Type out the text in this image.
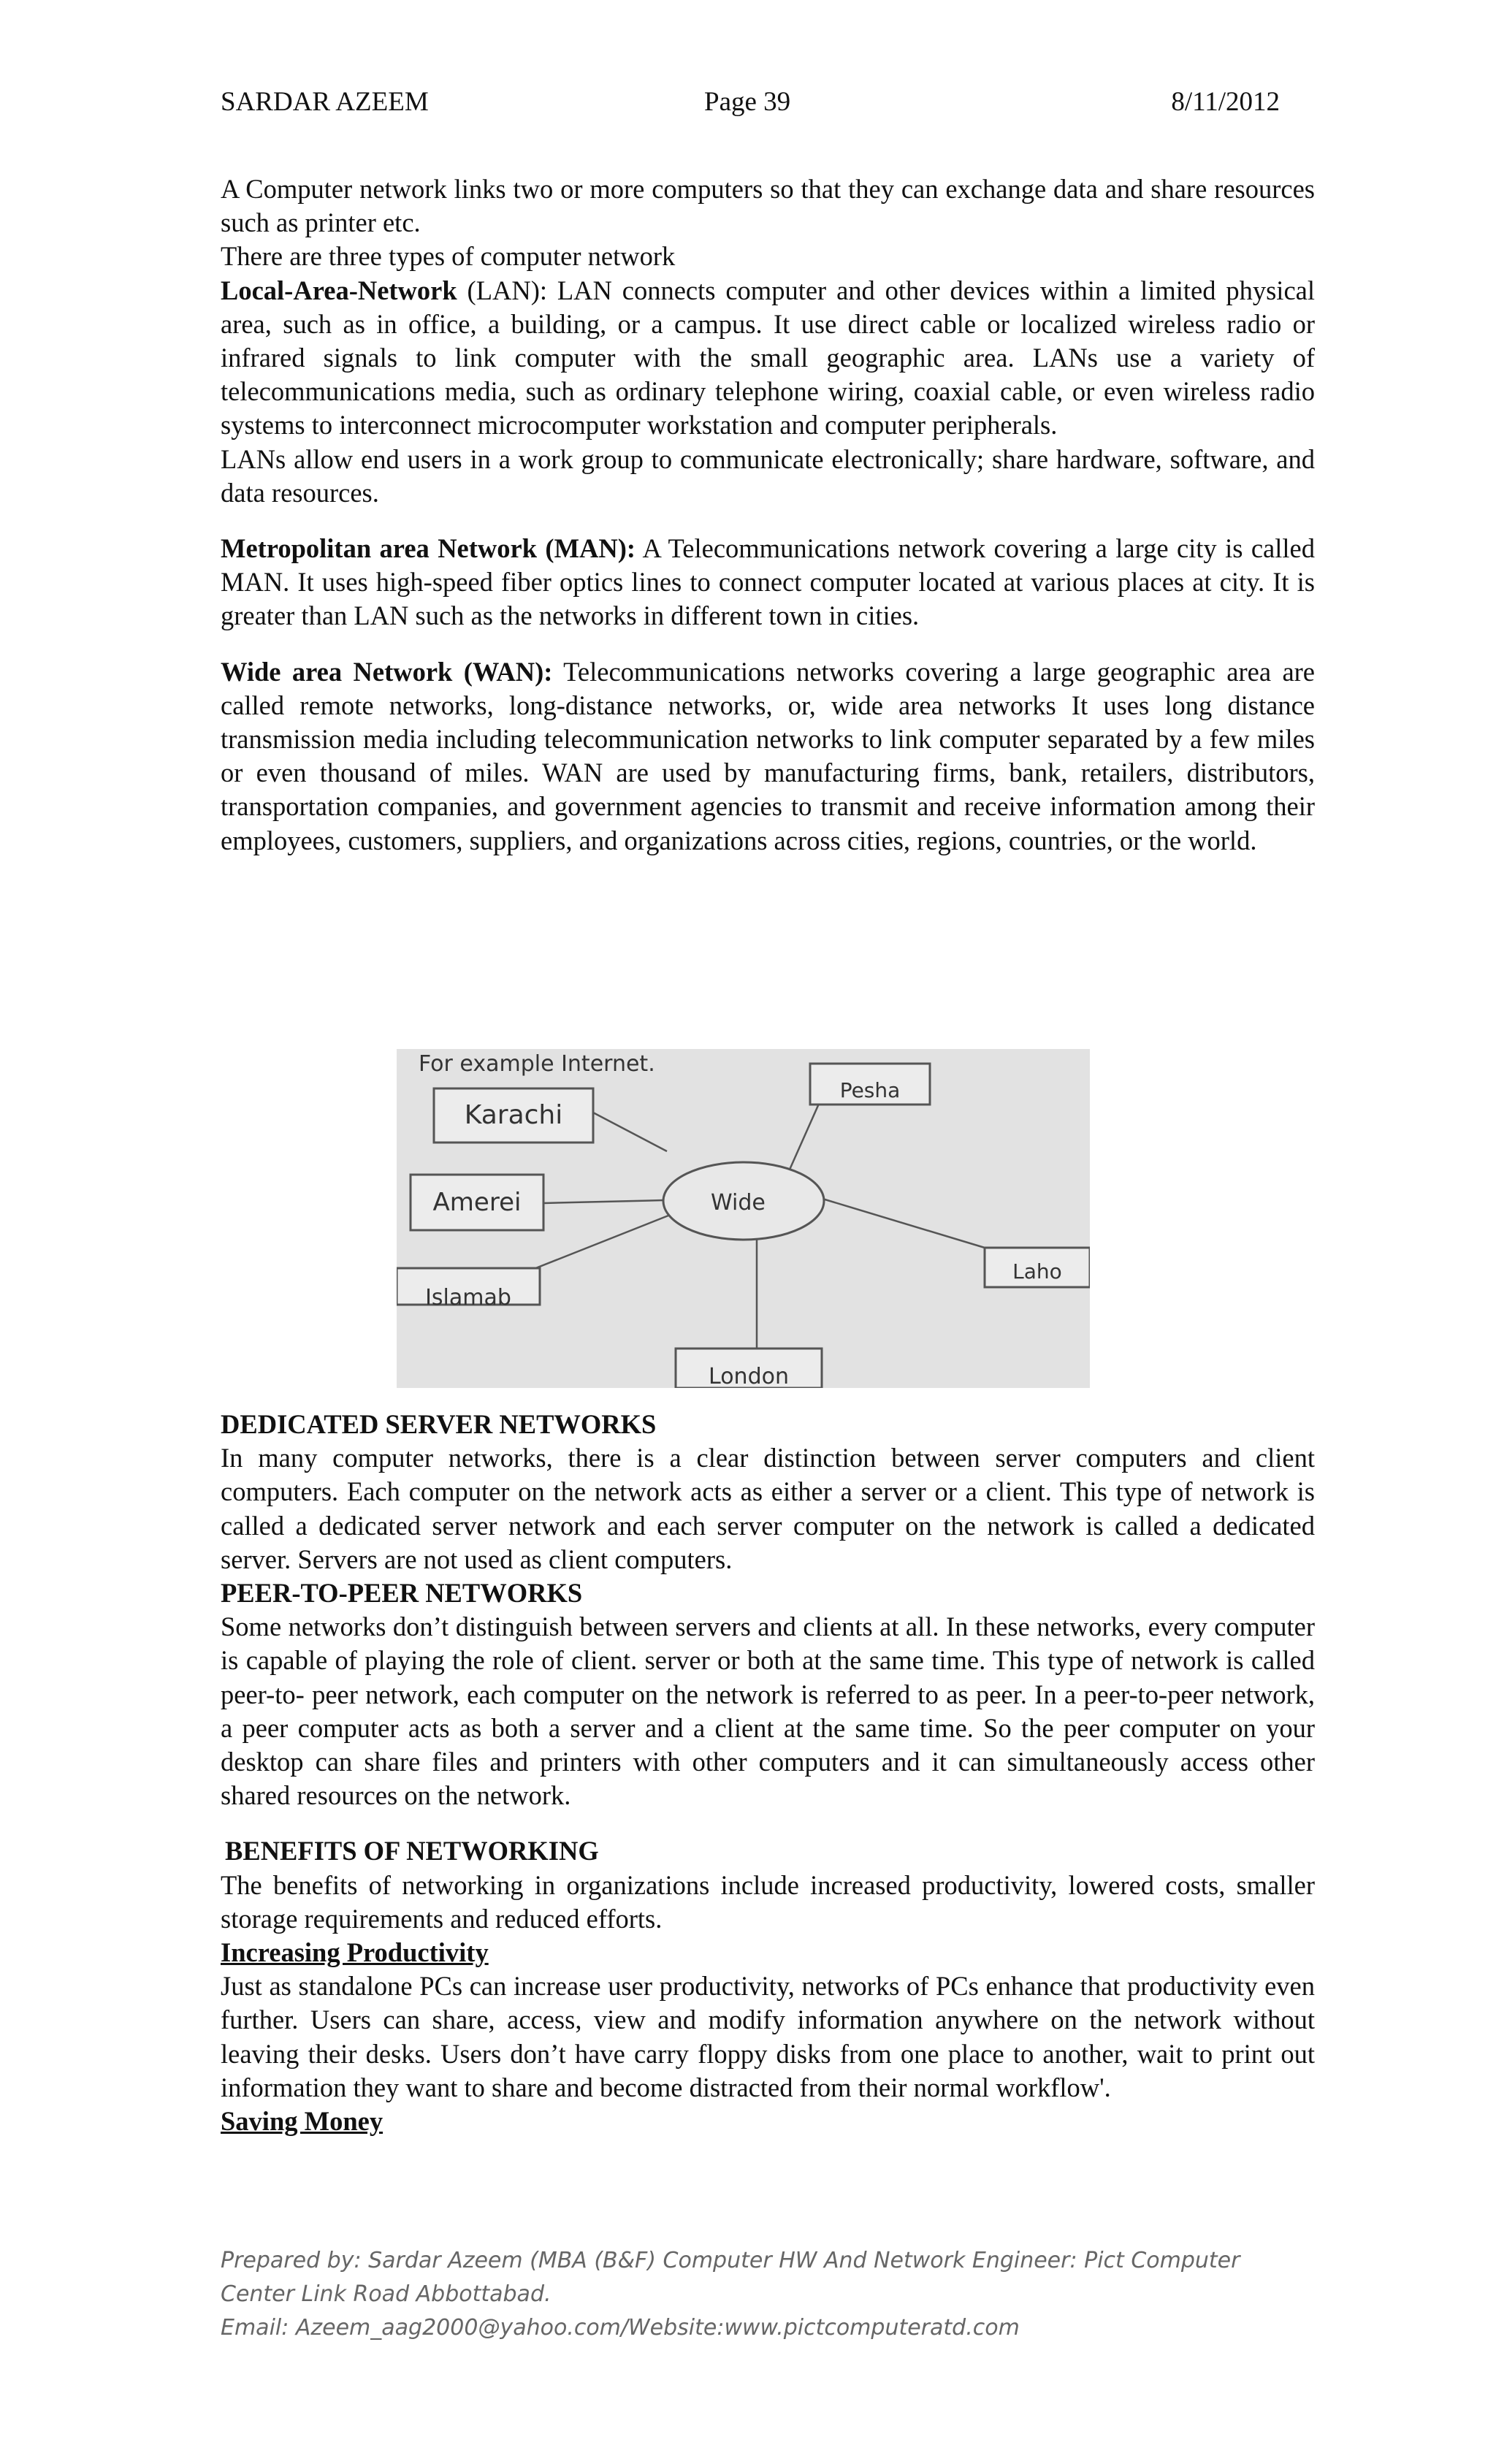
SARDAR AZEEM	Page 39	8/11/2012

A Computer network links two or more computers so that they can exchange data and share resources such as printer etc.

There are three types of computer network

Local-Area-Network (LAN): LAN connects computer and other devices within a limited physical area, such as in office, a building, or a campus. It use direct cable or localized wireless radio or infrared signals to link computer with the small geographic area. LANs use a variety of telecommunications media, such as ordinary telephone wiring, coaxial cable, or even wireless radio systems to interconnect microcomputer workstation and computer peripherals.

LANs allow end users in a work group to communicate electronically; share hardware, software, and data resources.

Metropolitan area Network (MAN): A Telecommunications network covering a large city is called MAN. It uses high-speed fiber optics lines to connect computer located at various places at city. It is greater than LAN such as the networks in different town in cities.

Wide area Network (WAN): Telecommunications networks covering a large geographic area are called remote networks, long-distance networks, or, wide area networks It uses long distance transmission media including telecommunication networks to link computer separated by a few miles or even thousand of miles. WAN are used by manufacturing firms, bank, retailers, distributors, transportation companies, and government agencies to transmit and receive information among their employees, customers, suppliers, and organizations across cities, regions, countries, or the world.

For example Internet.
Karachi
Amerei
Islamab
London
Laho
Pesha
Wide

DEDICATED SERVER NETWORKS

In many computer networks, there is a clear distinction between server computers and client computers. Each computer on the network acts as either a server or a client. This type of network is called a dedicated server network and each server computer on the network is called a dedicated server. Servers are not used as client computers.

PEER-TO-PEER NETWORKS

Some networks don’t distinguish between servers and clients at all. In these networks, every computer is capable of playing the role of client. server or both at the same time. This type of network is called peer-to- peer network, each computer on the network is referred to as peer. In a peer-to-peer network, a peer computer acts as both a server and a client at the same time. So the peer computer on your desktop can share files and printers with other computers and it can simultaneously access other shared resources on the network.

BENEFITS OF NETWORKING

The benefits of networking in organizations include increased productivity, lowered costs, smaller storage requirements and reduced efforts.

Increasing Productivity

Just as standalone PCs can increase user productivity, networks of PCs enhance that productivity even further. Users can share, access, view and modify information anywhere on the network without leaving their desks. Users don’t have carry floppy disks from one place to another, wait to print out information they want to share and become distracted from their normal workflow'.

Saving Money

Prepared by: Sardar Azeem (MBA (B&F) Computer HW And Network Engineer: Pict Computer

Center Link Road Abbottabad.

Email: Azeem_aag2000@yahoo.com/Website:www.pictcomputeratd.com
